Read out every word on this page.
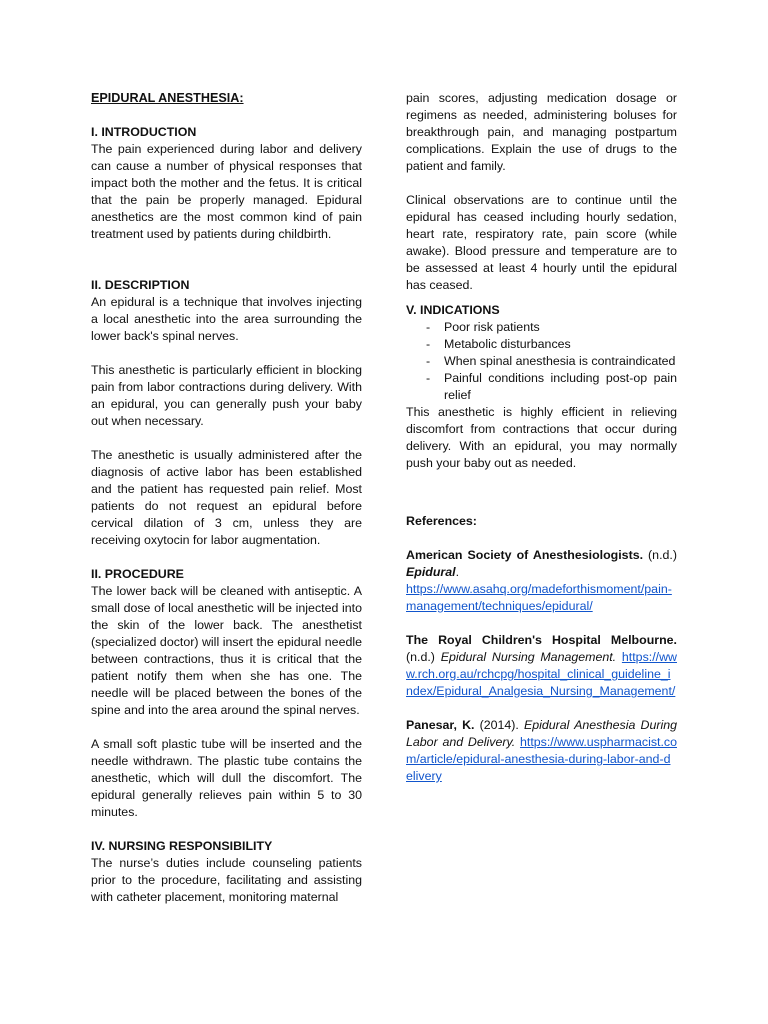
EPIDURAL ANESTHESIA:

I. INTRODUCTION

The pain experienced during labor and delivery can cause a number of physical responses that impact both the mother and the fetus. It is critical that the pain be properly managed. Epidural anesthetics are the most common kind of pain treatment used by patients during childbirth.

II. DESCRIPTION

An epidural is a technique that involves injecting a local anesthetic into the area surrounding the lower back's spinal nerves.

This anesthetic is particularly efficient in blocking pain from labor contractions during delivery. With an epidural, you can generally push your baby out when necessary.

The anesthetic is usually administered after the diagnosis of active labor has been established and the patient has requested pain relief. Most patients do not request an epidural before cervical dilation of 3 cm, unless they are receiving oxytocin for labor augmentation.

II. PROCEDURE

The lower back will be cleaned with antiseptic. A small dose of local anesthetic will be injected into the skin of the lower back. The anesthetist (specialized doctor) will insert the epidural needle between contractions, thus it is critical that the patient notify them when she has one. The needle will be placed between the bones of the spine and into the area around the spinal nerves.

A small soft plastic tube will be inserted and the needle withdrawn. The plastic tube contains the anesthetic, which will dull the discomfort. The epidural generally relieves pain within 5 to 30 minutes.

IV. NURSING RESPONSIBILITY

The nurse’s duties include counseling patients prior to the procedure, facilitating and assisting with catheter placement, monitoring maternal

pain scores, adjusting medication dosage or regimens as needed, administering boluses for breakthrough pain, and managing postpartum complications. Explain the use of drugs to the patient and family.

Clinical observations are to continue until the epidural has ceased including hourly sedation, heart rate, respiratory rate, pain score (while awake). Blood pressure and temperature are to be assessed at least 4 hourly until the epidural has ceased.

V. INDICATIONS
- Poor risk patients
- Metabolic disturbances
- When spinal anesthesia is contraindicated
- Painful conditions including post-op pain relief

This anesthetic is highly efficient in relieving discomfort from contractions that occur during delivery. With an epidural, you may normally push your baby out as needed.

References:

American Society of Anesthesiologists. (n.d.) Epidural.
https://www.asahq.org/madeforthismoment/pain-management/techniques/epidural/

The Royal Children's Hospital Melbourne. (n.d.) Epidural Nursing Management. https://www.rch.org.au/rchcpg/hospital_clinical_guideline_index/Epidural_Analgesia_Nursing_Management/

Panesar, K. (2014). Epidural Anesthesia During Labor and Delivery. https://www.uspharmacist.com/article/epidural-anesthesia-during-labor-and-delivery
